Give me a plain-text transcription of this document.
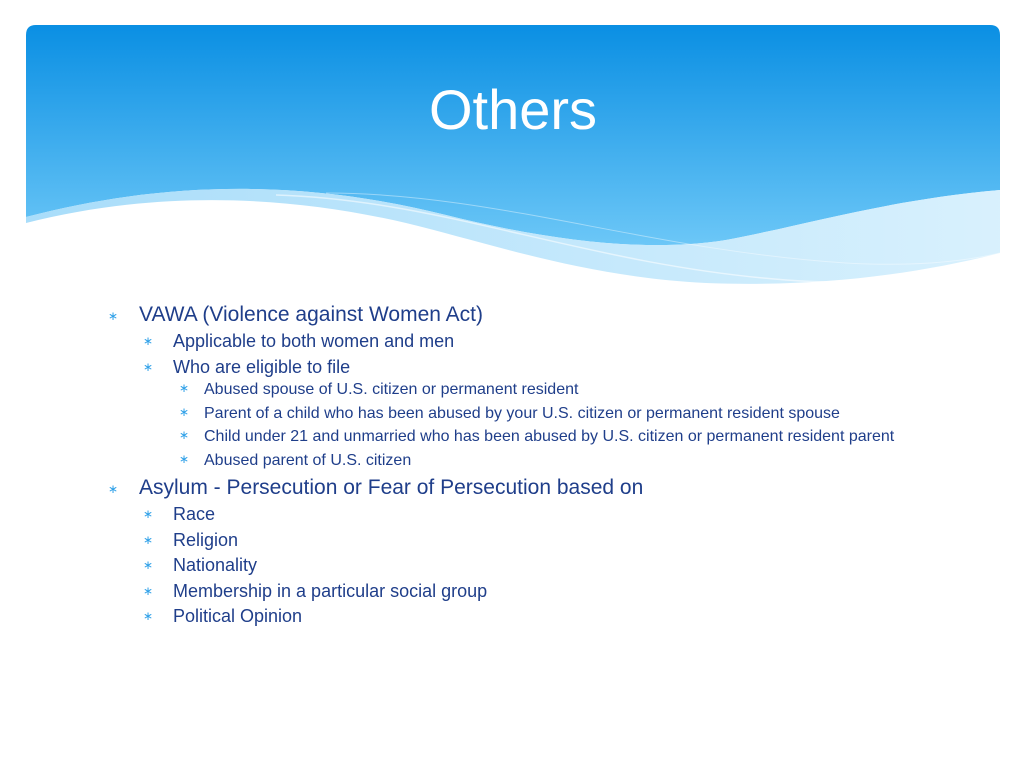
Others

∗ VAWA (Violence against Women Act)

∗ Applicable to both women and men

∗ Who are eligible to file

∗ Abused spouse of U.S. citizen or permanent resident

∗ Parent of a child who has been abused by your U.S. citizen or permanent resident spouse

∗ Child under 21 and unmarried who has been abused by U.S. citizen or permanent resident parent

∗ Abused parent of U.S. citizen

∗ Asylum - Persecution or Fear of Persecution based on

∗ Race

∗ Religion

∗ Nationality

∗ Membership in a particular social group

∗ Political Opinion
